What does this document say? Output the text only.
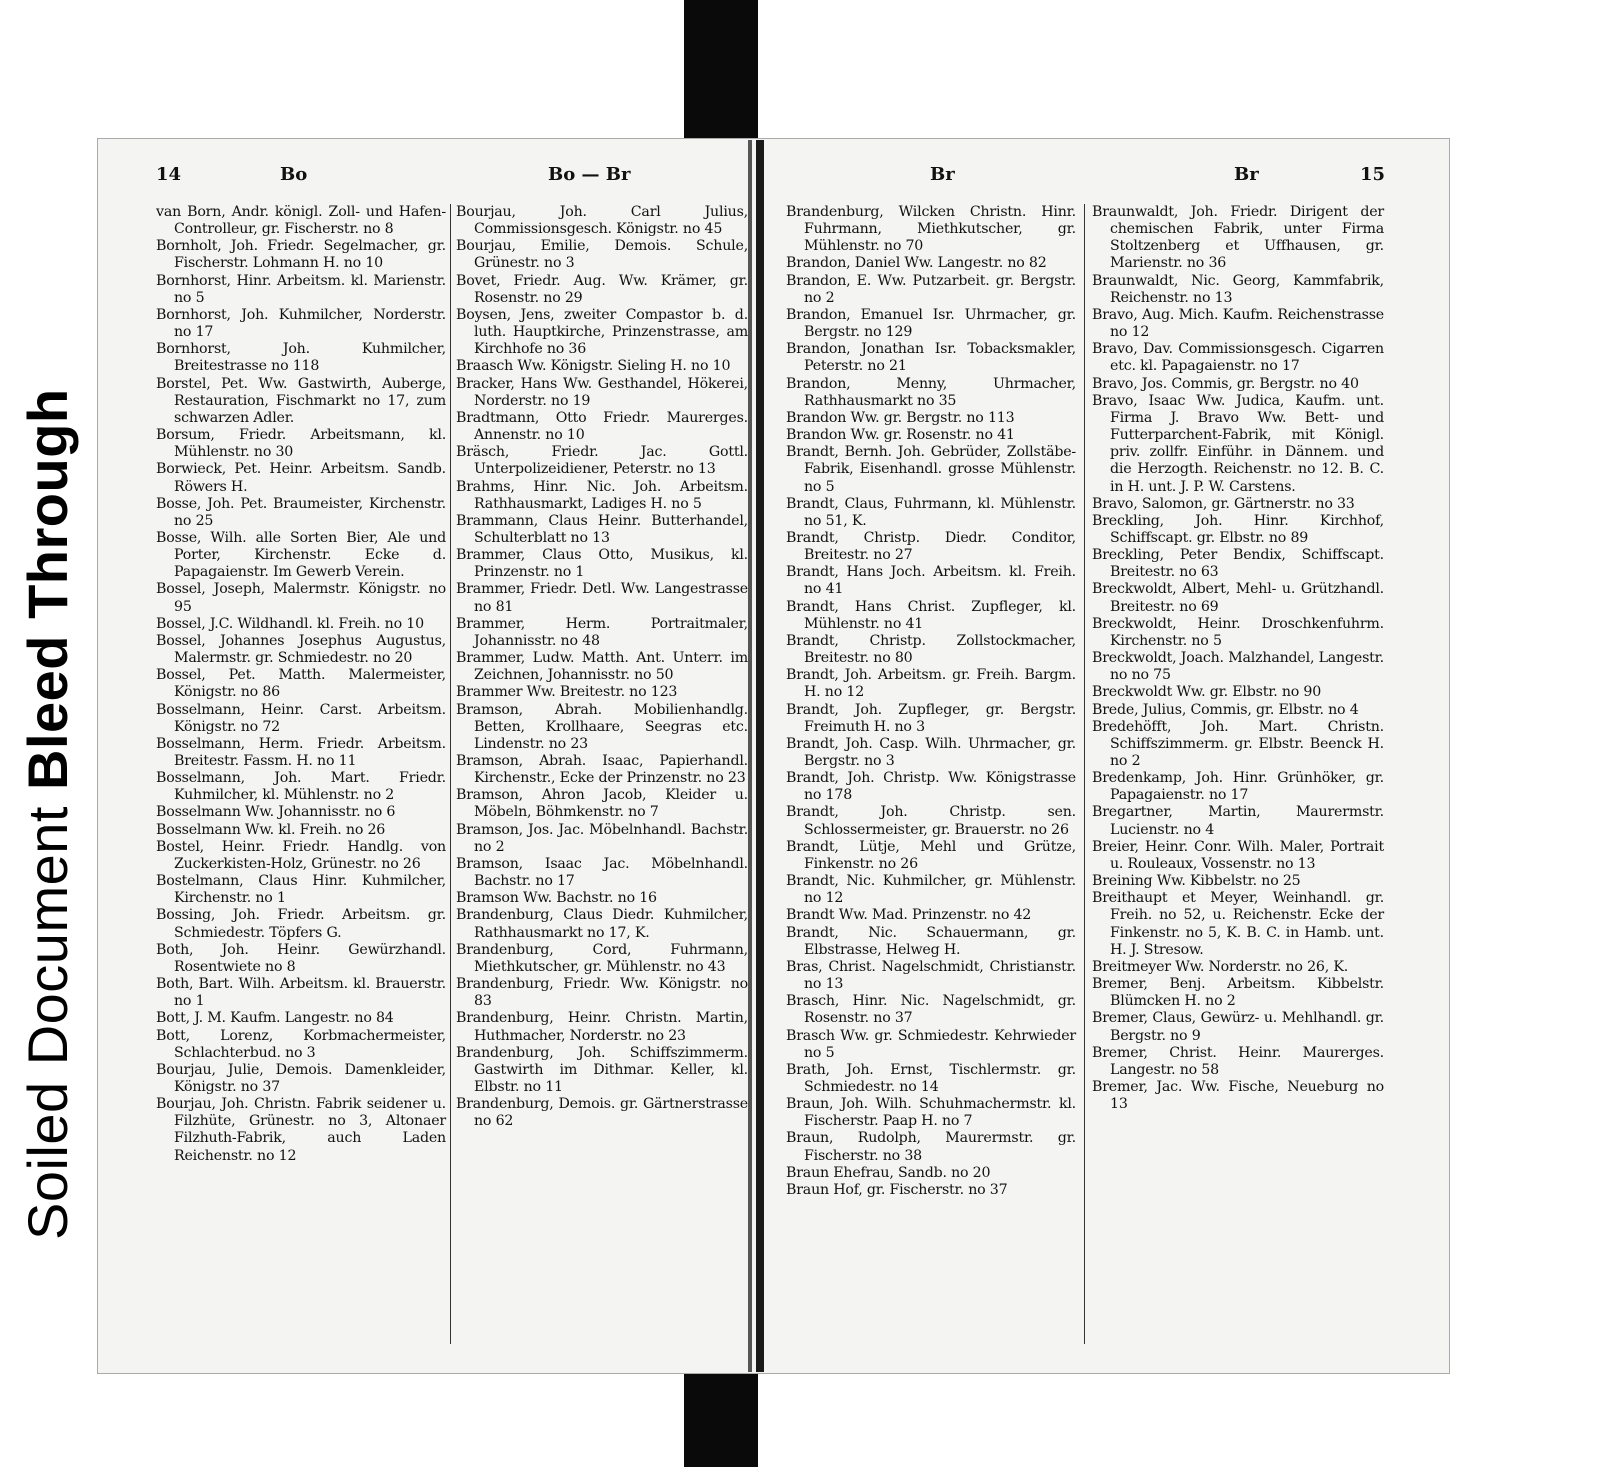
Soiled Document Bleed Through
14	Bo	Bo — Br
van Born, Andr. königl. Zoll- und Hafen-Controlleur, gr. Fischerstr. no 8
Bornholt, Joh. Friedr. Segelmacher, gr. Fischerstr. Lohmann H. no 10
Bornhorst, Hinr. Arbeitsm. kl. Marienstr. no 5
Bornhorst, Joh. Kuhmilcher, Norderstr. no 17
Bornhorst, Joh. Kuhmilcher, Breitestrasse no 118
Borstel, Pet. Ww. Gastwirth, Auberge, Restauration, Fischmarkt no 17, zum schwarzen Adler.
Borsum, Friedr. Arbeitsmann, kl. Mühlenstr. no 30
Borwieck, Pet. Heinr. Arbeitsm. Sandb. Röwers H.
Bosse, Joh. Pet. Braumeister, Kirchenstr. no 25
Bosse, Wilh. alle Sorten Bier, Ale und Porter, Kirchenstr. Ecke d. Papagaienstr. Im Gewerb Verein.
Bossel, Joseph, Malermstr. Königstr. no 95
Bossel, J.C. Wildhandl. kl. Freih. no 10
Bossel, Johannes Josephus Augustus, Malermstr. gr. Schmiedestr. no 20
Bossel, Pet. Matth. Malermeister, Königstr. no 86
Bosselmann, Heinr. Carst. Arbeitsm. Königstr. no 72
Bosselmann, Herm. Friedr. Arbeitsm. Breitestr. Fassm. H. no 11
Bosselmann, Joh. Mart. Friedr. Kuhmilcher, kl. Mühlenstr. no 2
Bosselmann Ww. Johannisstr. no 6
Bosselmann Ww. kl. Freih. no 26
Bostel, Heinr. Friedr. Handlg. von Zuckerkisten-Holz, Grünestr. no 26
Bostelmann, Claus Hinr. Kuhmilcher, Kirchenstr. no 1
Bossing, Joh. Friedr. Arbeitsm. gr. Schmiedestr. Töpfers G.
Both, Joh. Heinr. Gewürzhandl. Rosentwiete no 8
Both, Bart. Wilh. Arbeitsm. kl. Brauerstr. no 1
Bott, J. M. Kaufm. Langestr. no 84
Bott, Lorenz, Korbmachermeister, Schlachterbud. no 3
Bourjau, Julie, Demois. Damenkleider, Königstr. no 37
Bourjau, Joh. Christn. Fabrik seidener u. Filzhüte, Grünestr. no 3, Altonaer Filzhuth-Fabrik, auch Laden Reichenstr. no 12
Bourjau, Joh. Carl Julius, Commissionsgesch. Königstr. no 45
Bourjau, Emilie, Demois. Schule, Grünestr. no 3
Bovet, Friedr. Aug. Ww. Krämer, gr. Rosenstr. no 29
Boysen, Jens, zweiter Compastor b. d. luth. Hauptkirche, Prinzenstrasse, am Kirchhofe no 36
Braasch Ww. Königstr. Sieling H. no 10
Bracker, Hans Ww. Gesthandel, Hökerei, Norderstr. no 19
Bradtmann, Otto Friedr. Maurerges. Annenstr. no 10
Bräsch, Friedr. Jac. Gottl. Unterpolizeidiener, Peterstr. no 13
Brahms, Hinr. Nic. Joh. Arbeitsm. Rathhausmarkt, Ladiges H. no 5
Brammann, Claus Heinr. Butterhandel, Schulterblatt no 13
Brammer, Claus Otto, Musikus, kl. Prinzenstr. no 1
Brammer, Friedr. Detl. Ww. Langestrasse no 81
Brammer, Herm. Portraitmaler, Johannisstr. no 48
Brammer, Ludw. Matth. Ant. Unterr. im Zeichnen, Johannisstr. no 50
Brammer Ww. Breitestr. no 123
Bramson, Abrah. Mobilienhandlg. Betten, Krollhaare, Seegras etc. Lindenstr. no 23
Bramson, Abrah. Isaac, Papierhandl. Kirchenstr., Ecke der Prinzenstr. no 23
Bramson, Ahron Jacob, Kleider u. Möbeln, Böhmkenstr. no 7
Bramson, Jos. Jac. Möbelnhandl. Bachstr. no 2
Bramson, Isaac Jac. Möbelnhandl. Bachstr. no 17
Bramson Ww. Bachstr. no 16
Brandenburg, Claus Diedr. Kuhmilcher, Rathhausmarkt no 17, K.
Brandenburg, Cord, Fuhrmann, Miethkutscher, gr. Mühlenstr. no 43
Brandenburg, Friedr. Ww. Königstr. no 83
Brandenburg, Heinr. Christn. Martin, Huthmacher, Norderstr. no 23
Brandenburg, Joh. Schiffszimmerm. Gastwirth im Dithmar. Keller, kl. Elbstr. no 11
Brandenburg, Demois. gr. Gärtnerstrasse no 62
Br	Br	15
Brandenburg, Wilcken Christn. Hinr. Fuhrmann, Miethkutscher, gr. Mühlenstr. no 70
Brandon, Daniel Ww. Langestr. no 82
Brandon, E. Ww. Putzarbeit. gr. Bergstr. no 2
Brandon, Emanuel Isr. Uhrmacher, gr. Bergstr. no 129
Brandon, Jonathan Isr. Tobacksmakler, Peterstr. no 21
Brandon, Menny, Uhrmacher, Rathhausmarkt no 35
Brandon Ww. gr. Bergstr. no 113
Brandon Ww. gr. Rosenstr. no 41
Brandt, Bernh. Joh. Gebrüder, Zollstäbe-Fabrik, Eisenhandl. grosse Mühlenstr. no 5
Brandt, Claus, Fuhrmann, kl. Mühlenstr. no 51, K.
Brandt, Christp. Diedr. Conditor, Breitestr. no 27
Brandt, Hans Joch. Arbeitsm. kl. Freih. no 41
Brandt, Hans Christ. Zupfleger, kl. Mühlenstr. no 41
Brandt, Christp. Zollstockmacher, Breitestr. no 80
Brandt, Joh. Arbeitsm. gr. Freih. Bargm. H. no 12
Brandt, Joh. Zupfleger, gr. Bergstr. Freimuth H. no 3
Brandt, Joh. Casp. Wilh. Uhrmacher, gr. Bergstr. no 3
Brandt, Joh. Christp. Ww. Königstrasse no 178
Brandt, Joh. Christp. sen. Schlossermeister, gr. Brauerstr. no 26
Brandt, Lütje, Mehl und Grütze, Finkenstr. no 26
Brandt, Nic. Kuhmilcher, gr. Mühlenstr. no 12
Brandt Ww. Mad. Prinzenstr. no 42
Brandt, Nic. Schauermann, gr. Elbstrasse, Helweg H.
Bras, Christ. Nagelschmidt, Christianstr. no 13
Brasch, Hinr. Nic. Nagelschmidt, gr. Rosenstr. no 37
Brasch Ww. gr. Schmiedestr. Kehrwieder no 5
Brath, Joh. Ernst, Tischlermstr. gr. Schmiedestr. no 14
Braun, Joh. Wilh. Schuhmachermstr. kl. Fischerstr. Paap H. no 7
Braun, Rudolph, Maurermstr. gr. Fischerstr. no 38
Braun Ehefrau, Sandb. no 20
Braun Hof, gr. Fischerstr. no 37
Braunwaldt, Joh. Friedr. Dirigent der chemischen Fabrik, unter Firma Stoltzenberg et Uffhausen, gr. Marienstr. no 36
Braunwaldt, Nic. Georg, Kammfabrik, Reichenstr. no 13
Bravo, Aug. Mich. Kaufm. Reichenstrasse no 12
Bravo, Dav. Commissionsgesch. Cigarren etc. kl. Papagaienstr. no 17
Bravo, Jos. Commis, gr. Bergstr. no 40
Bravo, Isaac Ww. Judica, Kaufm. unt. Firma J. Bravo Ww. Bett- und Futterparchent-Fabrik, mit Königl. priv. zollfr. Einführ. in Dännem. und die Herzogth. Reichenstr. no 12. B. C. in H. unt. J. P. W. Carstens.
Bravo, Salomon, gr. Gärtnerstr. no 33
Breckling, Joh. Hinr. Kirchhof, Schiffscapt. gr. Elbstr. no 89
Breckling, Peter Bendix, Schiffscapt. Breitestr. no 63
Breckwoldt, Albert, Mehl- u. Grützhandl. Breitestr. no 69
Breckwoldt, Heinr. Droschkenfuhrm. Kirchenstr. no 5
Breckwoldt, Joach. Malzhandel, Langestr. no no 75
Breckwoldt Ww. gr. Elbstr. no 90
Brede, Julius, Commis, gr. Elbstr. no 4
Bredehöfft, Joh. Mart. Christn. Schiffszimmerm. gr. Elbstr. Beenck H. no 2
Bredenkamp, Joh. Hinr. Grünhöker, gr. Papagaienstr. no 17
Bregartner, Martin, Maurermstr. Lucienstr. no 4
Breier, Heinr. Conr. Wilh. Maler, Portrait u. Rouleaux, Vossenstr. no 13
Breining Ww. Kibbelstr. no 25
Breithaupt et Meyer, Weinhandl. gr. Freih. no 52, u. Reichenstr. Ecke der Finkenstr. no 5, K. B. C. in Hamb. unt. H. J. Stresow.
Breitmeyer Ww. Norderstr. no 26, K.
Bremer, Benj. Arbeitsm. Kibbelstr. Blümcken H. no 2
Bremer, Claus, Gewürz- u. Mehlhandl. gr. Bergstr. no 9
Bremer, Christ. Heinr. Maurerges. Langestr. no 58
Bremer, Jac. Ww. Fische, Neueburg no 13
